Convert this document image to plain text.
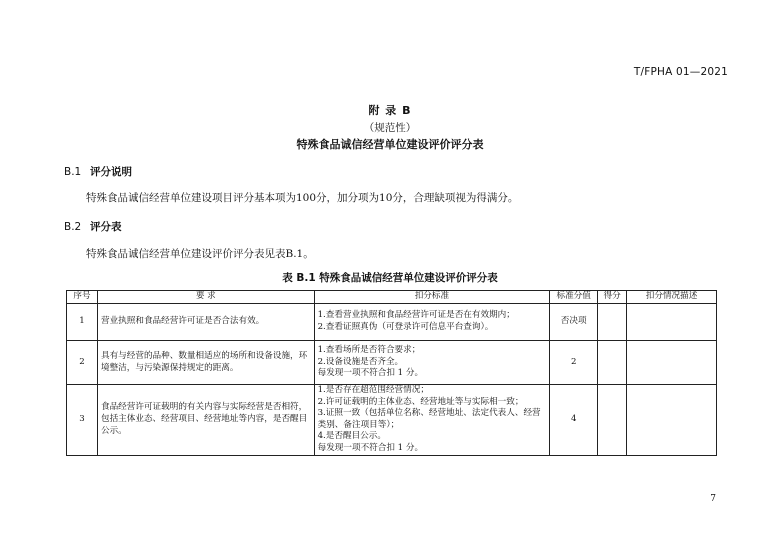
T/FPHA 01—2021
附 录 B
（规范性）
特殊食品诚信经营单位建设评价评分表
B.1 评分说明
特殊食品诚信经营单位建设项目评分基本项为100分，加分项为10分，合理缺项视为得满分。
B.2 评分表
特殊食品诚信经营单位建设评价评分表见表B.1。
表 B.1 特殊食品诚信经营单位建设评价评分表
序号	要 求	扣分标准	标准分值	得分	扣分情况描述
1	营业执照和食品经营许可证是否合法有效。	1.查看营业执照和食品经营许可证是否在有效期内；
2.查看证照真伪（可登录许可信息平台查询）。	否决项		
2	具有与经营的品种、数量相适应的场所和设备设施，环境整洁，与污染源保持规定的距离。	1.查看场所是否符合要求；
2.设备设施是否齐全。
每发现一项不符合扣 1 分。	2		
3	食品经营许可证载明的有关内容与实际经营是否相符，包括主体业态、经营项目、经营地址等内容，是否醒目公示。	1.是否存在超范围经营情况；
2.许可证载明的主体业态、经营地址等与实际相一致；
3.证照一致（包括单位名称、经营地址、法定代表人、经营类别、备注项目等）；
4.是否醒目公示。
每发现一项不符合扣 1 分。	4		
7
